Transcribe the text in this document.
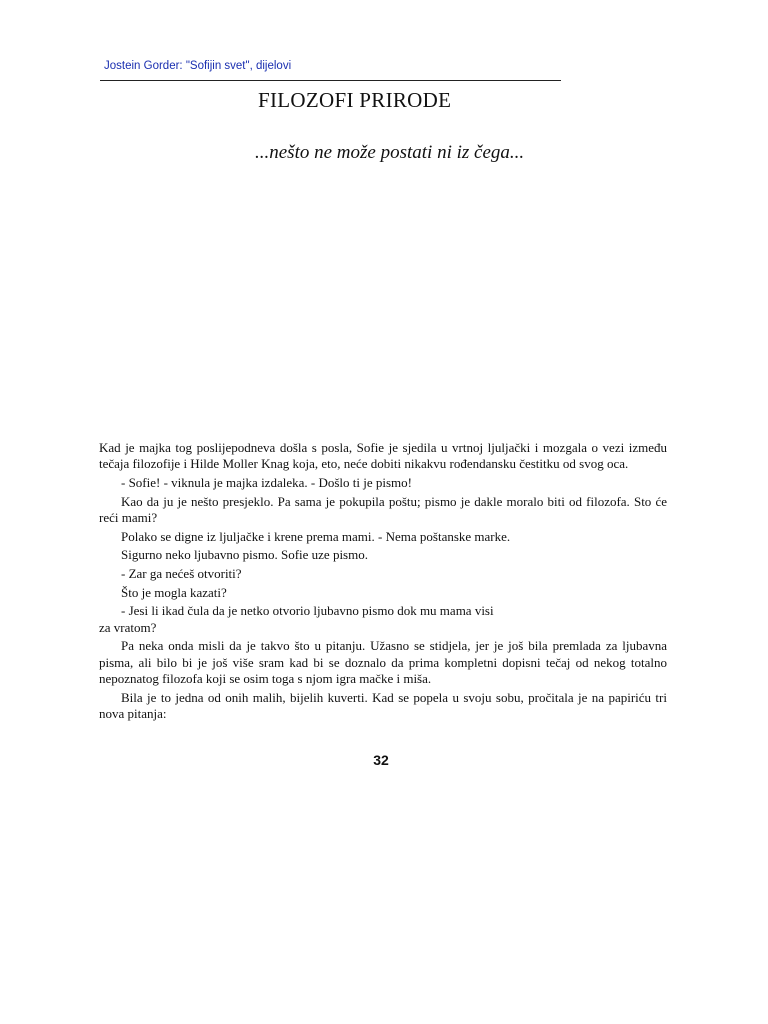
Jostein Gorder: "Sofijin svet", dijelovi
FILOZOFI PRIRODE
...nešto ne može postati ni iz čega...

Kad je majka tog poslijepodneva došla s posla, Sofie je sjedila u vrtnoj ljuljački i mozgala o vezi između tečaja filozofije i Hilde Moller Knag koja, eto, neće dobiti nikakvu rođendansku čestitku od svog oca.

- Sofie! - viknula je majka izdaleka. - Došlo ti je pismo!

Kao da ju je nešto presjeklo. Pa sama je pokupila poštu; pismo je dakle moralo biti od filozofa. Sto će reći mami?

Polako se digne iz ljuljačke i krene prema mami. - Nema poštanske marke.

Sigurno neko ljubavno pismo. Sofie uze pismo.

- Zar ga nećeš otvoriti?

Što je mogla kazati?

- Jesi li ikad čula da je netko otvorio ljubavno pismo dok mu mama visi

za vratom?

Pa neka onda misli da je takvo što u pitanju. Užasno se stidjela, jer je još bila premlada za ljubavna pisma, ali bilo bi je još više sram kad bi se doznalo da prima kompletni dopisni tečaj od nekog totalno nepoznatog filozofa koji se osim toga s njom igra mačke i miša.

Bila je to jedna od onih malih, bijelih kuverti. Kad se popela u svoju sobu, pročitala je na papiriću tri nova pitanja:

32
